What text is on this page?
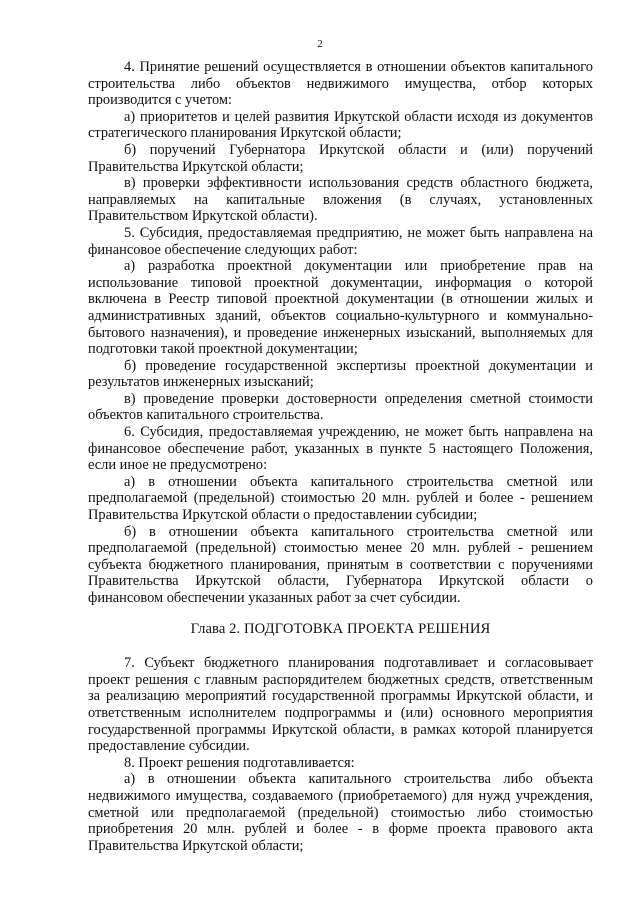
2

4. Принятие решений осуществляется в отношении объектов капитального строительства либо объектов недвижимого имущества, отбор которых производится с учетом:

а) приоритетов и целей развития Иркутской области исходя из документов стратегического планирования Иркутской области;

б) поручений Губернатора Иркутской области и (или) поручений Правительства Иркутской области;

в) проверки эффективности использования средств областного бюджета, направляемых на капитальные вложения (в случаях, установленных Правительством Иркутской области).

5. Субсидия, предоставляемая предприятию, не может быть направлена на финансовое обеспечение следующих работ:

а) разработка проектной документации или приобретение прав на использование типовой проектной документации, информация о которой включена в Реестр типовой проектной документации (в отношении жилых и административных зданий, объектов социально-культурного и коммунально-бытового назначения), и проведение инженерных изысканий, выполняемых для подготовки такой проектной документации;

б) проведение государственной экспертизы проектной документации и результатов инженерных изысканий;

в) проведение проверки достоверности определения сметной стоимости объектов капитального строительства.

6. Субсидия, предоставляемая учреждению, не может быть направлена на финансовое обеспечение работ, указанных в пункте 5 настоящего Положения, если иное не предусмотрено:

а) в отношении объекта капитального строительства сметной или предполагаемой (предельной) стоимостью 20 млн. рублей и более - решением Правительства Иркутской области о предоставлении субсидии;

б) в отношении объекта капитального строительства сметной или предполагаемой (предельной) стоимостью менее 20 млн. рублей - решением субъекта бюджетного планирования, принятым в соответствии с поручениями Правительства Иркутской области, Губернатора Иркутской области о финансовом обеспечении указанных работ за счет субсидии.

Глава 2. ПОДГОТОВКА ПРОЕКТА РЕШЕНИЯ

7. Субъект бюджетного планирования подготавливает и согласовывает проект решения с главным распорядителем бюджетных средств, ответственным за реализацию мероприятий государственной программы Иркутской области, и ответственным исполнителем подпрограммы и (или) основного мероприятия государственной программы Иркутской области, в рамках которой планируется предоставление субсидии.

8. Проект решения подготавливается:

а) в отношении объекта капитального строительства либо объекта недвижимого имущества, создаваемого (приобретаемого) для нужд учреждения, сметной или предполагаемой (предельной) стоимостью либо стоимостью приобретения 20 млн. рублей и более - в форме проекта правового акта Правительства Иркутской области;
